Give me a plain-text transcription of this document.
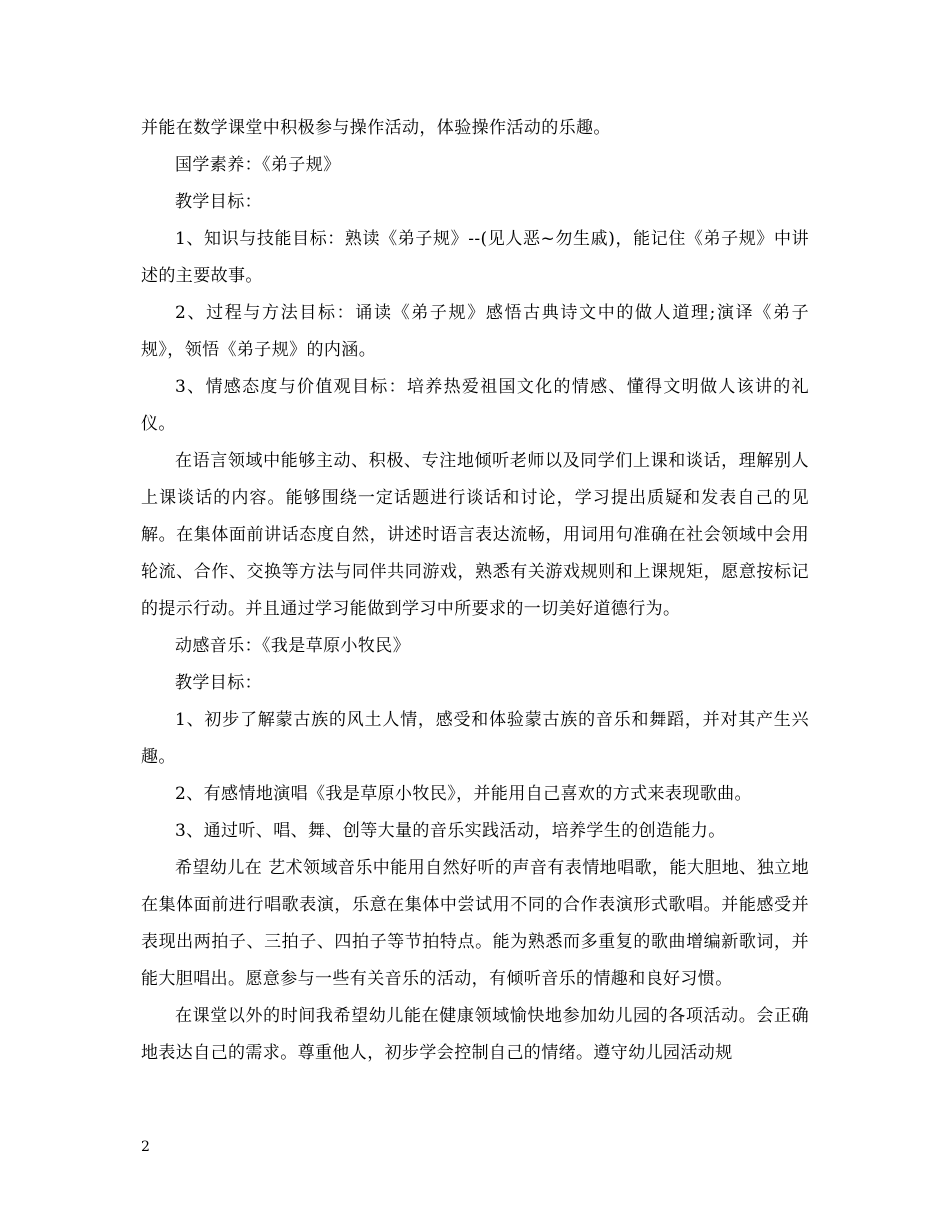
并能在数学课堂中积极参与操作活动，体验操作活动的乐趣。

国学素养：《弟子规》

教学目标：

1、知识与技能目标：熟读《弟子规》--(见人恶~勿生戚)，能记住《弟子规》中讲述的主要故事。

2、过程与方法目标：诵读《弟子规》感悟古典诗文中的做人道理;演译《弟子规》，领悟《弟子规》的内涵。

3、情感态度与价值观目标：培养热爱祖国文化的情感、懂得文明做人该讲的礼仪。

在语言领域中能够主动、积极、专注地倾听老师以及同学们上课和谈话，理解别人上课谈话的内容。能够围绕一定话题进行谈话和讨论，学习提出质疑和发表自己的见解。在集体面前讲话态度自然，讲述时语言表达流畅，用词用句准确在社会领域中会用轮流、合作、交换等方法与同伴共同游戏，熟悉有关游戏规则和上课规矩，愿意按标记的提示行动。并且通过学习能做到学习中所要求的一切美好道德行为。

动感音乐：《我是草原小牧民》

教学目标：

1、初步了解蒙古族的风土人情，感受和体验蒙古族的音乐和舞蹈，并对其产生兴趣。

2、有感情地演唱《我是草原小牧民》，并能用自己喜欢的方式来表现歌曲。

3、通过听、唱、舞、创等大量的音乐实践活动，培养学生的创造能力。

希望幼儿在 艺术领域音乐中能用自然好听的声音有表情地唱歌，能大胆地、独立地在集体面前进行唱歌表演，乐意在集体中尝试用不同的合作表演形式歌唱。并能感受并表现出两拍子、三拍子、四拍子等节拍特点。能为熟悉而多重复的歌曲增编新歌词，并能大胆唱出。愿意参与一些有关音乐的活动，有倾听音乐的情趣和良好习惯。

在课堂以外的时间我希望幼儿能在健康领域愉快地参加幼儿园的各项活动。会正确地表达自己的需求。尊重他人，初步学会控制自己的情绪。遵守幼儿园活动规

2
